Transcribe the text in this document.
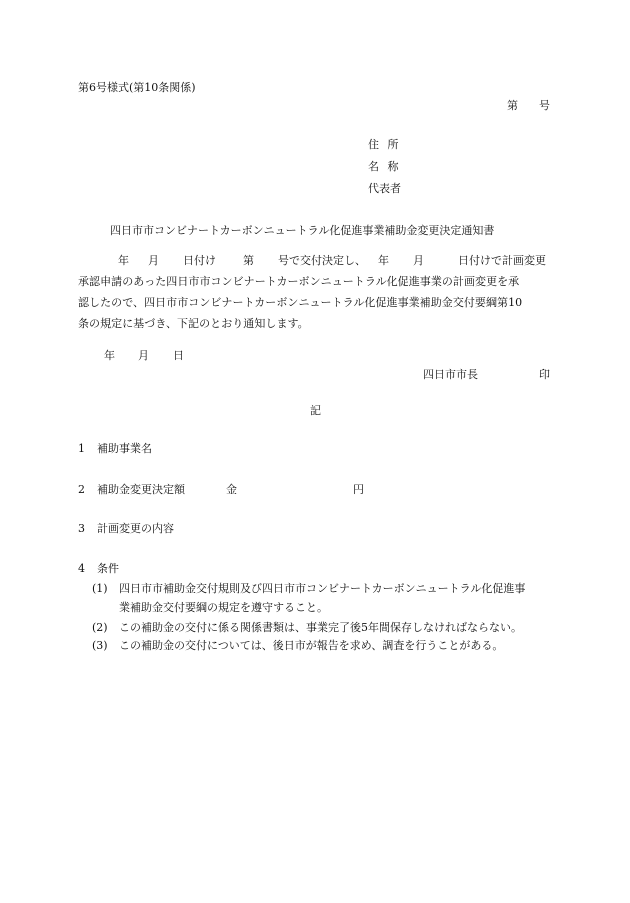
第6号様式(第10条関係)
第 号
住 所
名 称
代表者
四日市市コンビナートカーボンニュートラル化促進事業補助金変更決定通知書
年 月 日付け 第 号で交付決定し、 年 月	日付けで計画変更
承認申請のあった四日市市コンビナートカーボンニュートラル化促進事業の計画変更を承
認したので、四日市市コンビナートカーボンニュートラル化促進事業補助金交付要綱第10
条の規定に基づき、下記のとおり通知します。
年 月 日
四日市市長	印
記
1 補助事業名
2 補助金変更決定額	金	円
3 計画変更の内容
4 条件
(1) 四日市市補助金交付規則及び四日市市コンビナートカーボンニュートラル化促進事
業補助金交付要綱の規定を遵守すること。
(2) この補助金の交付に係る関係書類は、事業完了後5年間保存しなければならない。
(3) この補助金の交付については、後日市が報告を求め、調査を行うことがある。
